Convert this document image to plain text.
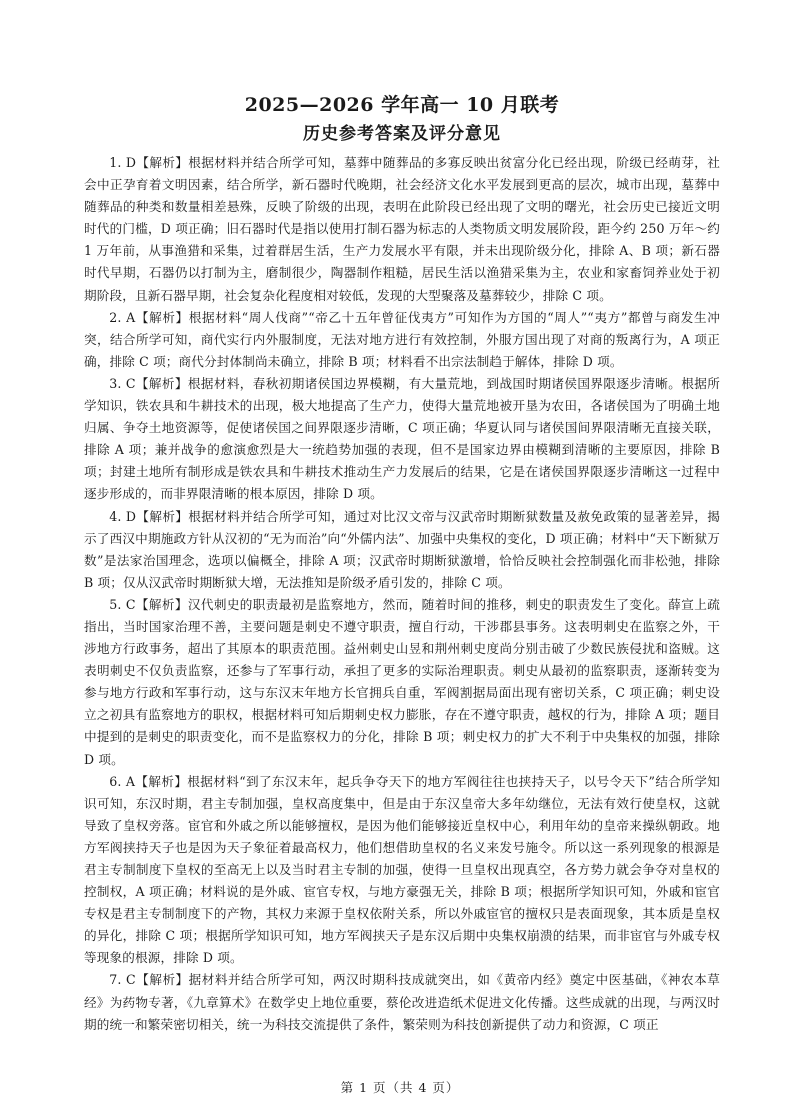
2025—2026 学年高一 10 月联考
历史参考答案及评分意见

1. D【解析】根据材料并结合所学可知，墓葬中随葬品的多寡反映出贫富分化已经出现，阶级已经萌芽，社会中正孕育着文明因素，结合所学，新石器时代晚期，社会经济文化水平发展到更高的层次，城市出现，墓葬中随葬品的种类和数量相差悬殊，反映了阶级的出现，表明在此阶段已经出现了文明的曙光，社会历史已接近文明时代的门槛，D 项正确；旧石器时代是指以使用打制石器为标志的人类物质文明发展阶段，距今约 250 万年～约 1 万年前，从事渔猎和采集，过着群居生活，生产力发展水平有限，并未出现阶级分化，排除 A、B 项；新石器时代早期，石器仍以打制为主，磨制很少，陶器制作粗糙，居民生活以渔猎采集为主，农业和家畜饲养业处于初期阶段，且新石器早期，社会复杂化程度相对较低，发现的大型聚落及墓葬较少，排除 C 项。

2. A【解析】根据材料“周人伐商”“帝乙十五年曾征伐夷方”可知作为方国的“周人”“夷方”都曾与商发生冲突，结合所学可知，商代实行内外服制度，无法对地方进行有效控制，外服方国出现了对商的叛离行为，A 项正确，排除 C 项；商代分封体制尚未确立，排除 B 项；材料看不出宗法制趋于解体，排除 D 项。

3. C【解析】根据材料，春秋初期诸侯国边界模糊，有大量荒地，到战国时期诸侯国界限逐步清晰。根据所学知识，铁农具和牛耕技术的出现，极大地提高了生产力，使得大量荒地被开垦为农田，各诸侯国为了明确土地归属、争夺土地资源等，促使诸侯国之间界限逐步清晰，C 项正确；华夏认同与诸侯国间界限清晰无直接关联，排除 A 项；兼并战争的愈演愈烈是大一统趋势加强的表现，但不是国家边界由模糊到清晰的主要原因，排除 B 项；封建土地所有制形成是铁农具和牛耕技术推动生产力发展后的结果，它是在诸侯国界限逐步清晰这一过程中逐步形成的，而非界限清晰的根本原因，排除 D 项。

4. D【解析】根据材料并结合所学可知，通过对比汉文帝与汉武帝时期断狱数量及赦免政策的显著差异，揭示了西汉中期施政方针从汉初的“无为而治”向“外儒内法”、加强中央集权的变化，D 项正确；材料中“天下断狱万数”是法家治国理念，选项以偏概全，排除 A 项；汉武帝时期断狱激增，恰恰反映社会控制强化而非松弛，排除 B 项；仅从汉武帝时期断狱大增，无法推知是阶级矛盾引发的，排除 C 项。

5. C【解析】汉代刺史的职责最初是监察地方，然而，随着时间的推移，刺史的职责发生了变化。薛宣上疏指出，当时国家治理不善，主要问题是刺史不遵守职责，擅自行动，干涉郡县事务。这表明刺史在监察之外，干涉地方行政事务，超出了其原本的职责范围。益州刺史山昱和荆州刺史度尚分别击破了少数民族侵扰和盗贼。这表明刺史不仅负责监察，还参与了军事行动，承担了更多的实际治理职责。刺史从最初的监察职责，逐渐转变为参与地方行政和军事行动，这与东汉末年地方长官拥兵自重，军阀割据局面出现有密切关系，C 项正确；刺史设立之初具有监察地方的职权，根据材料可知后期刺史权力膨胀，存在不遵守职责，越权的行为，排除 A 项；题目中提到的是刺史的职责变化，而不是监察权力的分化，排除 B 项；刺史权力的扩大不利于中央集权的加强，排除 D 项。

6. A【解析】根据材料“到了东汉末年，起兵争夺天下的地方军阀往往也挟持天子，以号令天下”结合所学知识可知，东汉时期，君主专制加强，皇权高度集中，但是由于东汉皇帝大多年幼继位，无法有效行使皇权，这就导致了皇权旁落。宦官和外戚之所以能够擅权，是因为他们能够接近皇权中心，利用年幼的皇帝来操纵朝政。地方军阀挟持天子也是因为天子象征着最高权力，他们想借助皇权的名义来发号施令。所以这一系列现象的根源是君主专制制度下皇权的至高无上以及当时君主专制的加强，使得一旦皇权出现真空，各方势力就会争夺对皇权的控制权，A 项正确；材料说的是外戚、宦官专权，与地方豪强无关，排除 B 项；根据所学知识可知，外戚和宦官专权是君主专制制度下的产物，其权力来源于皇权依附关系，所以外戚宦官的擅权只是表面现象，其本质是皇权的异化，排除 C 项；根据所学知识可知，地方军阀挟天子是东汉后期中央集权崩溃的结果，而非宦官与外戚专权等现象的根源，排除 D 项。

7. C【解析】据材料并结合所学可知，两汉时期科技成就突出，如《黄帝内经》奠定中医基础，《神农本草经》为药物专著，《九章算术》在数学史上地位重要，蔡伦改进造纸术促进文化传播。这些成就的出现，与两汉时期的统一和繁荣密切相关，统一为科技交流提供了条件，繁荣则为科技创新提供了动力和资源，C 项正

第 1 页（共 4 页）
